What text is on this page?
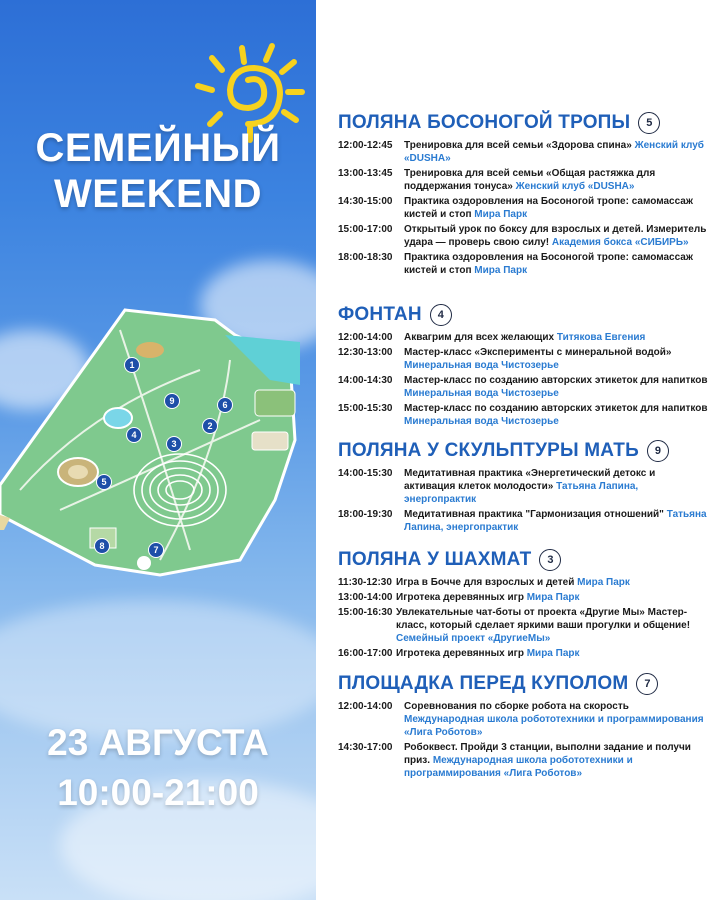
СЕМЕЙНЫЙ
WEEKEND
1
2
3
4
5
6
7
8
9
23 АВГУСТА
10:00-21:00
ПОЛЯНА БОСОНОГОЙ ТРОПЫ	5
12:00-12:45	Тренировка для всей семьи «Здорова спина» Женский клуб «DUSHA»
13:00-13:45	Тренировка для всей семьи «Общая растяжка для поддержания тонуса» Женский клуб «DUSHA»
14:30-15:00	Практика оздоровления на Босоногой тропе: самомассаж кистей и стоп Мира Парк
15:00-17:00	Открытый урок по боксу для взрослых и детей. Измеритель удара — проверь свою силу! Академия бокса «СИБИРЬ»
18:00-18:30	Практика оздоровления на Босоногой тропе: самомассаж кистей и стоп Мира Парк
ФОНТАН	4
12:00-14:00	Аквагрим для всех желающих Титякова Евгения
12:30-13:00	Мастер-класс «Эксперименты с минеральной водой» Минеральная вода Чистозерье
14:00-14:30	Мастер-класс по созданию авторских этикеток для напитков Минеральная вода Чистозерье
15:00-15:30	Мастер-класс по созданию авторских этикеток для напитков Минеральная вода Чистозерье
ПОЛЯНА У СКУЛЬПТУРЫ МАТЬ	9
14:00-15:30	Медитативная практика «Энергетический детокс и активация клеток молодости» Татьяна Лапина, энергопрактик
18:00-19:30	Медитативная практика "Гармонизация отношений" Татьяна Лапина, энергопрактик
ПОЛЯНА У ШАХМАТ	3
11:30-12:30 Игра в Бочче для взрослых и детей Мира Парк
13:00-14:00 Игротека деревянных игр Мира Парк
15:00-16:30 Увлекательные чат-боты от проекта «Другие Мы» Мастер-класс, который сделает яркими ваши прогулки и общение! Семейный проект «ДругиеМы»
16:00-17:00 Игротека деревянных игр Мира Парк
ПЛОЩАДКА ПЕРЕД КУПОЛОМ	7
12:00-14:00	Соревнования по сборке робота на скорость Международная школа робототехники и программирования «Лига Роботов»
14:30-17:00	Робоквест. Пройди 3 станции, выполни задание и получи приз. Международная школа робототехники и программирования «Лига Роботов»
